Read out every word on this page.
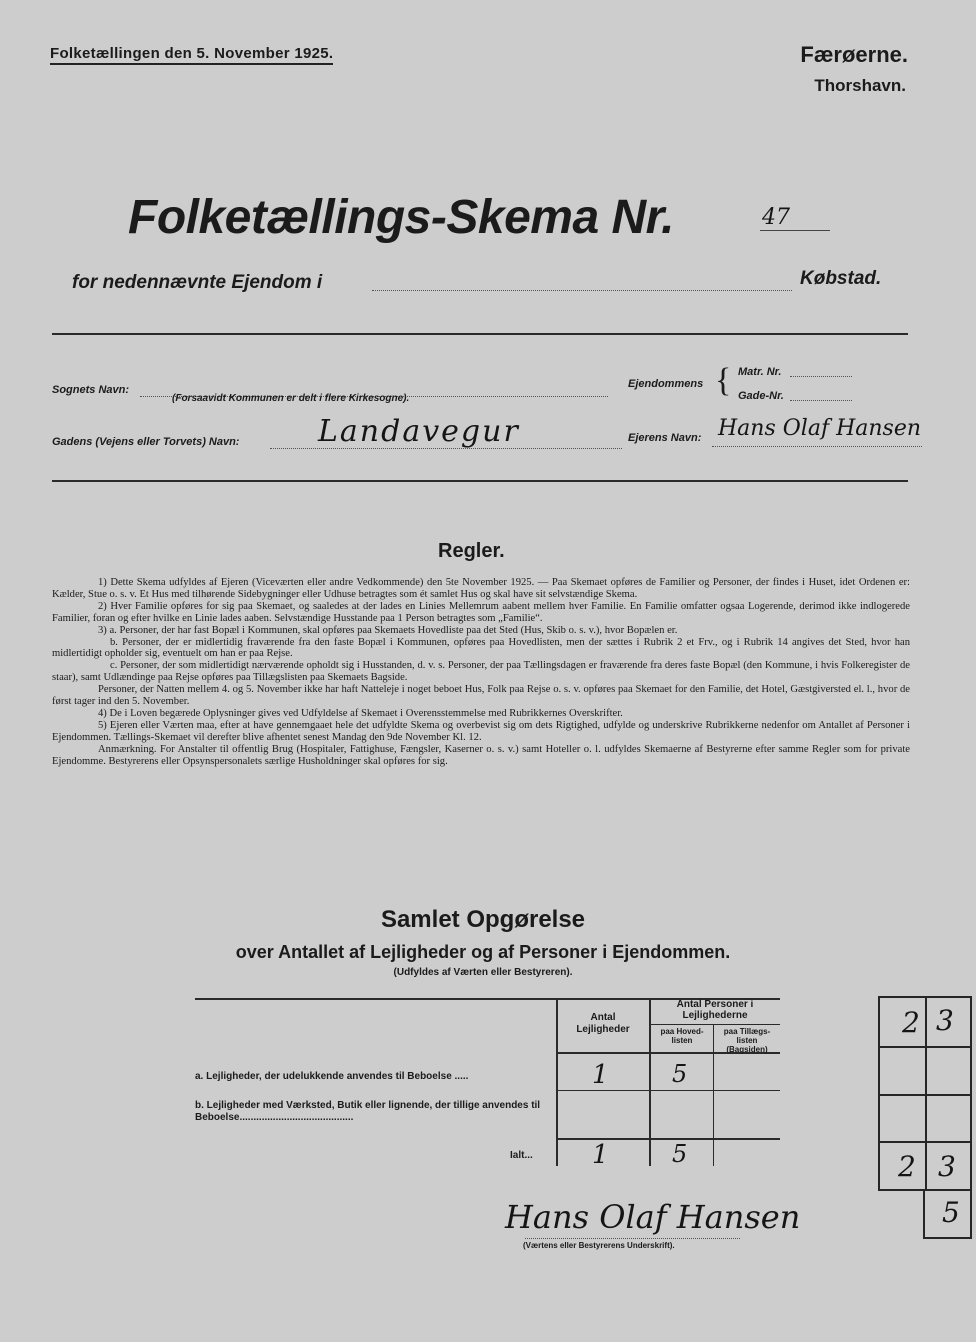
Folketællingen den 5. November 1925.	Færøerne.
Thorshavn.
Folketællings-Skema Nr.	47
for nedennævnte Ejendom i	Købstad.
Sognets Navn:
(Forsaavidt Kommunen er delt i flere Kirkesogne).
Ejendommens { Matr. Nr.
Gade-Nr.
Gadens (Vejens eller Torvets) Navn:	Landavegur	Ejerens Navn: Hans Olaf Hansen
Regler.

1) Dette Skema udfyldes af Ejeren (Viceværten eller andre Vedkommende) den 5te November 1925. — Paa Skemaet opføres de Familier og Personer, der findes i Huset, idet Ordenen er: Kælder, Stue o. s. v. Et Hus med tilhørende Sidebygninger eller Udhuse betragtes som ét samlet Hus og skal have sit selvstændige Skema.

2) Hver Familie opføres for sig paa Skemaet, og saaledes at der lades en Linies Mellemrum aabent mellem hver Familie. En Familie omfatter ogsaa Logerende, derimod ikke indlogerede Familier, foran og efter hvilke en Linie lades aaben. Selvstændige Husstande paa 1 Person betragtes som „Familie“.

3) a. Personer, der har fast Bopæl i Kommunen, skal opføres paa Skemaets Hovedliste paa det Sted (Hus, Skib o. s. v.), hvor Bopælen er.

b. Personer, der er midlertidig fraværende fra den faste Bopæl i Kommunen, opføres paa Hovedlisten, men der sættes i Rubrik 2 et Frv., og i Rubrik 14 angives det Sted, hvor han midlertidigt opholder sig, eventuelt om han er paa Rejse.

c. Personer, der som midlertidigt nærværende opholdt sig i Husstanden, d. v. s. Personer, der paa Tællingsdagen er fraværende fra deres faste Bopæl (den Kommune, i hvis Folkeregister de staar), samt Udlændinge paa Rejse opføres paa Tillægslisten paa Skemaets Bagside.

Personer, der Natten mellem 4. og 5. November ikke har haft Natteleje i noget beboet Hus, Folk paa Rejse o. s. v. opføres paa Skemaet for den Familie, det Hotel, Gæstgiversted el. l., hvor de først tager ind den 5. November.

4) De i Loven begærede Oplysninger gives ved Udfyldelse af Skemaet i Overensstemmelse med Rubrikkernes Overskrifter.

5) Ejeren eller Værten maa, efter at have gennemgaaet hele det udfyldte Skema og overbevist sig om dets Rigtighed, udfylde og underskrive Rubrikkerne nedenfor om Antallet af Personer i Ejendommen. Tællings-Skemaet vil derefter blive afhentet senest Mandag den 9de November Kl. 12.

Anmærkning. For Anstalter til offentlig Brug (Hospitaler, Fattighuse, Fængsler, Kaserner o. s. v.) samt Hoteller o. l. udfyldes Skemaerne af Bestyrerne efter samme Regler som for private Ejendomme. Bestyrerens eller Opsynspersonalets særlige Husholdninger skal opføres for sig.

Samlet Opgørelse
over Antallet af Lejligheder og af Personer i Ejendommen.
(Udfyldes af Værten eller Bestyreren).
Antal Lejligheder
Antal Personer i Lejlighederne
paa Hoved-listen
paa Tillægs-listen (Bagsiden)
a. Lejligheder, der udelukkende anvendes til Beboelse .....	1	5
b. Lejligheder med Værksted, Butik eller lignende, der tillige anvendes til Beboelse.........................................
Ialt... 1	5
Hans Olaf Hansen
(Værtens eller Bestyrerens Underskrift).
2 3
2 3
5
